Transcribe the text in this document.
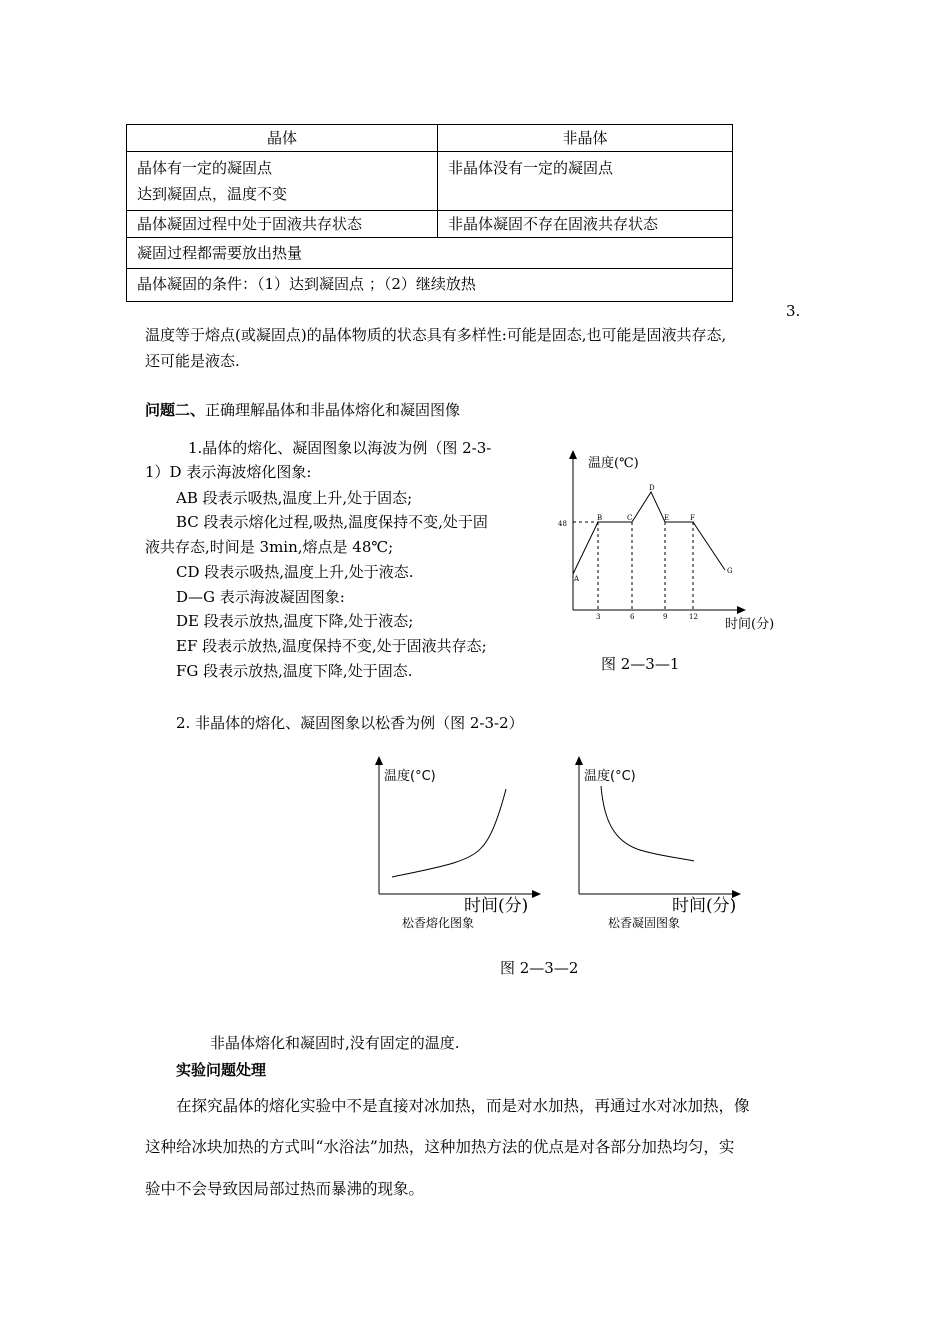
晶体	非晶体

晶体有一定的凝固点
达到凝固点，温度不变	非晶体没有一定的凝固点
晶体凝固过程中处于固液共存状态	非晶体凝固不存在固液共存状态
凝固过程都需要放出热量	
晶体凝固的条件：（1）达到凝固点 ；（2）继续放热	
3.
温度等于熔点(或凝固点)的晶体物质的状态具有多样性:可能是固态,也可能是固液共存态,
还可能是液态.
问题二、正确理解晶体和非晶体熔化和凝固图像
1.晶体的熔化、凝固图象以海波为例（图 2-3-
1）D 表示海波熔化图象:
AB 段表示吸热,温度上升,处于固态;
BC 段表示熔化过程,吸热,温度保持不变,处于固
液共存态,时间是 3min,熔点是 48℃;
CD 段表示吸热,温度上升,处于液态.
D—G 表示海波凝固图象:
DE 段表示放热,温度下降,处于液态;
EF 段表示放热,温度保持不变,处于固液共存态;
FG 段表示放热,温度下降,处于固态.
温度(℃)
时间(分)
48
3	6	9	12
A
B	C
D
E	F
G
图 2—3—1
2. 非晶体的熔化、凝固图象以松香为例（图 2-3-2）
温度(°C)
时间(分)
松香熔化图象
温度(°C)
时间(分)
松香凝固图象
图 2—3—2
非晶体熔化和凝固时,没有固定的温度.
实验问题处理
在探究晶体的熔化实验中不是直接对冰加热，而是对水加热，再通过水对冰加热，像
这种给冰块加热的方式叫“水浴法”加热，这种加热方法的优点是对各部分加热均匀，实
验中不会导致因局部过热而暴沸的现象。
